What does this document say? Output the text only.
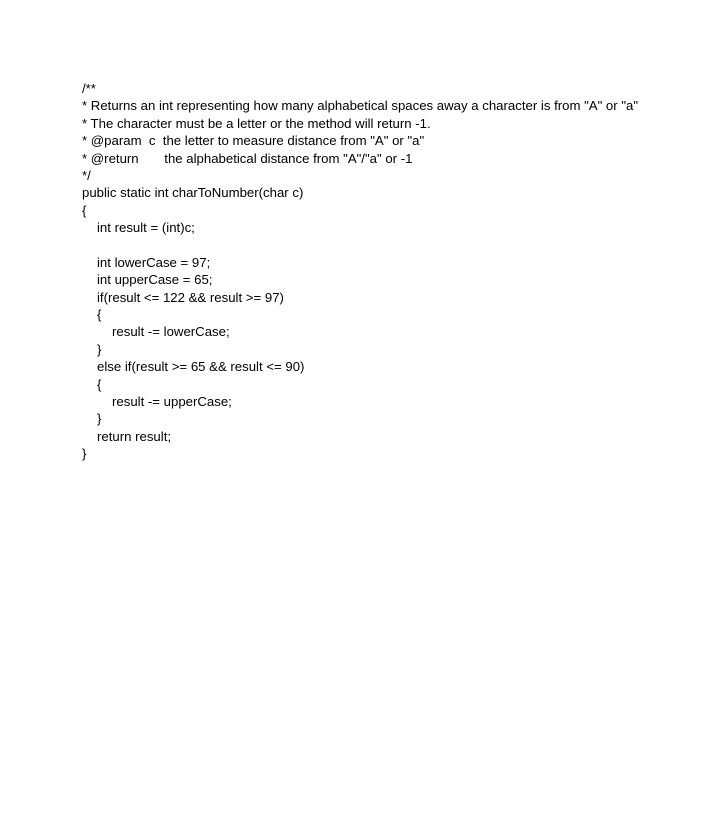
/**
* Returns an int representing how many alphabetical spaces away a character is from "A" or "a"
* The character must be a letter or the method will return -1.
* @param  c  the letter to measure distance from "A" or "a"
* @return       the alphabetical distance from "A"/"a" or -1
*/
public static int charToNumber(char c)
{
int result = (int)c;
int lowerCase = 97;
int upperCase = 65;
if(result <= 122 && result >= 97)
{
result -= lowerCase;
}
else if(result >= 65 && result <= 90)
{
result -= upperCase;
}
return result;
}
